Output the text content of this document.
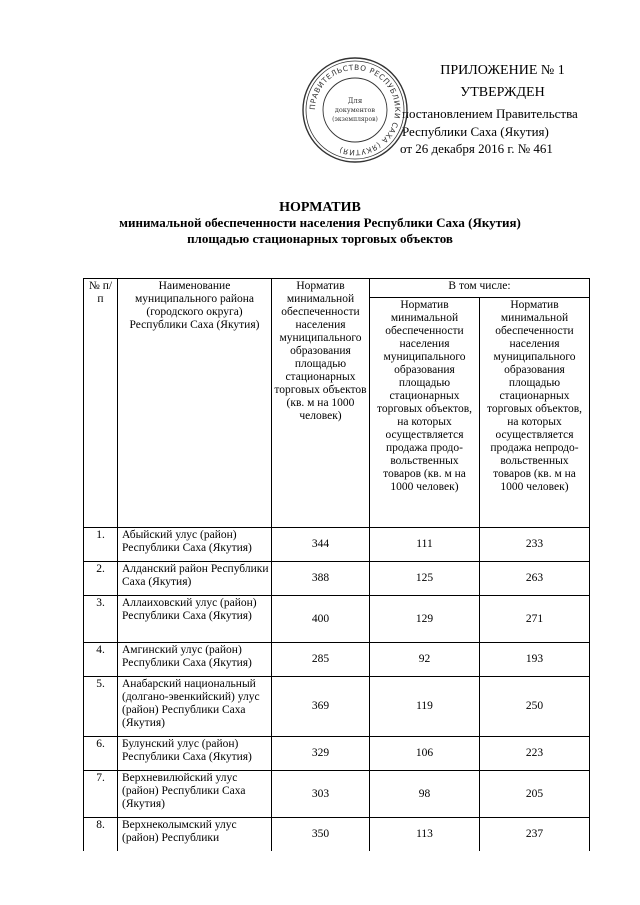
ПРИЛОЖЕНИЕ № 1
УТВЕРЖДЕН
постановлением Правительства
Республики Саха (Якутия)
от 26 декабря 2016 г. № 461
ПРАВИТЕЛЬСТВО РЕСПУБЛИКИ САХА (ЯКУТИЯ)
Для
документов
(экземпляров)
НОРМАТИВ
минимальной обеспеченности населения Республики Саха (Якутия)
площадью стационарных торговых объектов
№ п/п	Наименование муниципального района (городского округа) Республики Саха (Якутия)	Норматив минимальной обеспеченности населения муниципального образования площадью стационарных торговых объектов (кв. м на 1000 человек)	В том числе:	
			Норматив минимальной обеспеченности населения муниципального образования площадью стационарных торговых объектов, на которых осуществляется продажа продо-вольственных товаров (кв. м на 1000 человек)	Норматив минимальной обеспеченности населения муниципального образования площадью стационарных торговых объектов, на которых осуществляется продажа непродо-вольственных товаров (кв. м на 1000 человек)
1.	Абыйский улус (район) Республики Саха (Якутия)	344	111	233
2.	Алданский район Республики Саха (Якутия)	388	125	263
3.	Аллаиховский улус (район) Республики Саха (Якутия)	400	129	271
4.	Амгинский улус (район) Республики Саха (Якутия)	285	92	193
5.	Анабарский национальный (долгано-эвенкийский) улус (район) Республики Саха (Якутия)	369	119	250
6.	Булунский улус (район) Республики Саха (Якутия)	329	106	223
7.	Верхневилюйский улус (район) Республики Саха (Якутия)	303	98	205
8.	Верхнеколымский улус (район) Республики	350	113	237
